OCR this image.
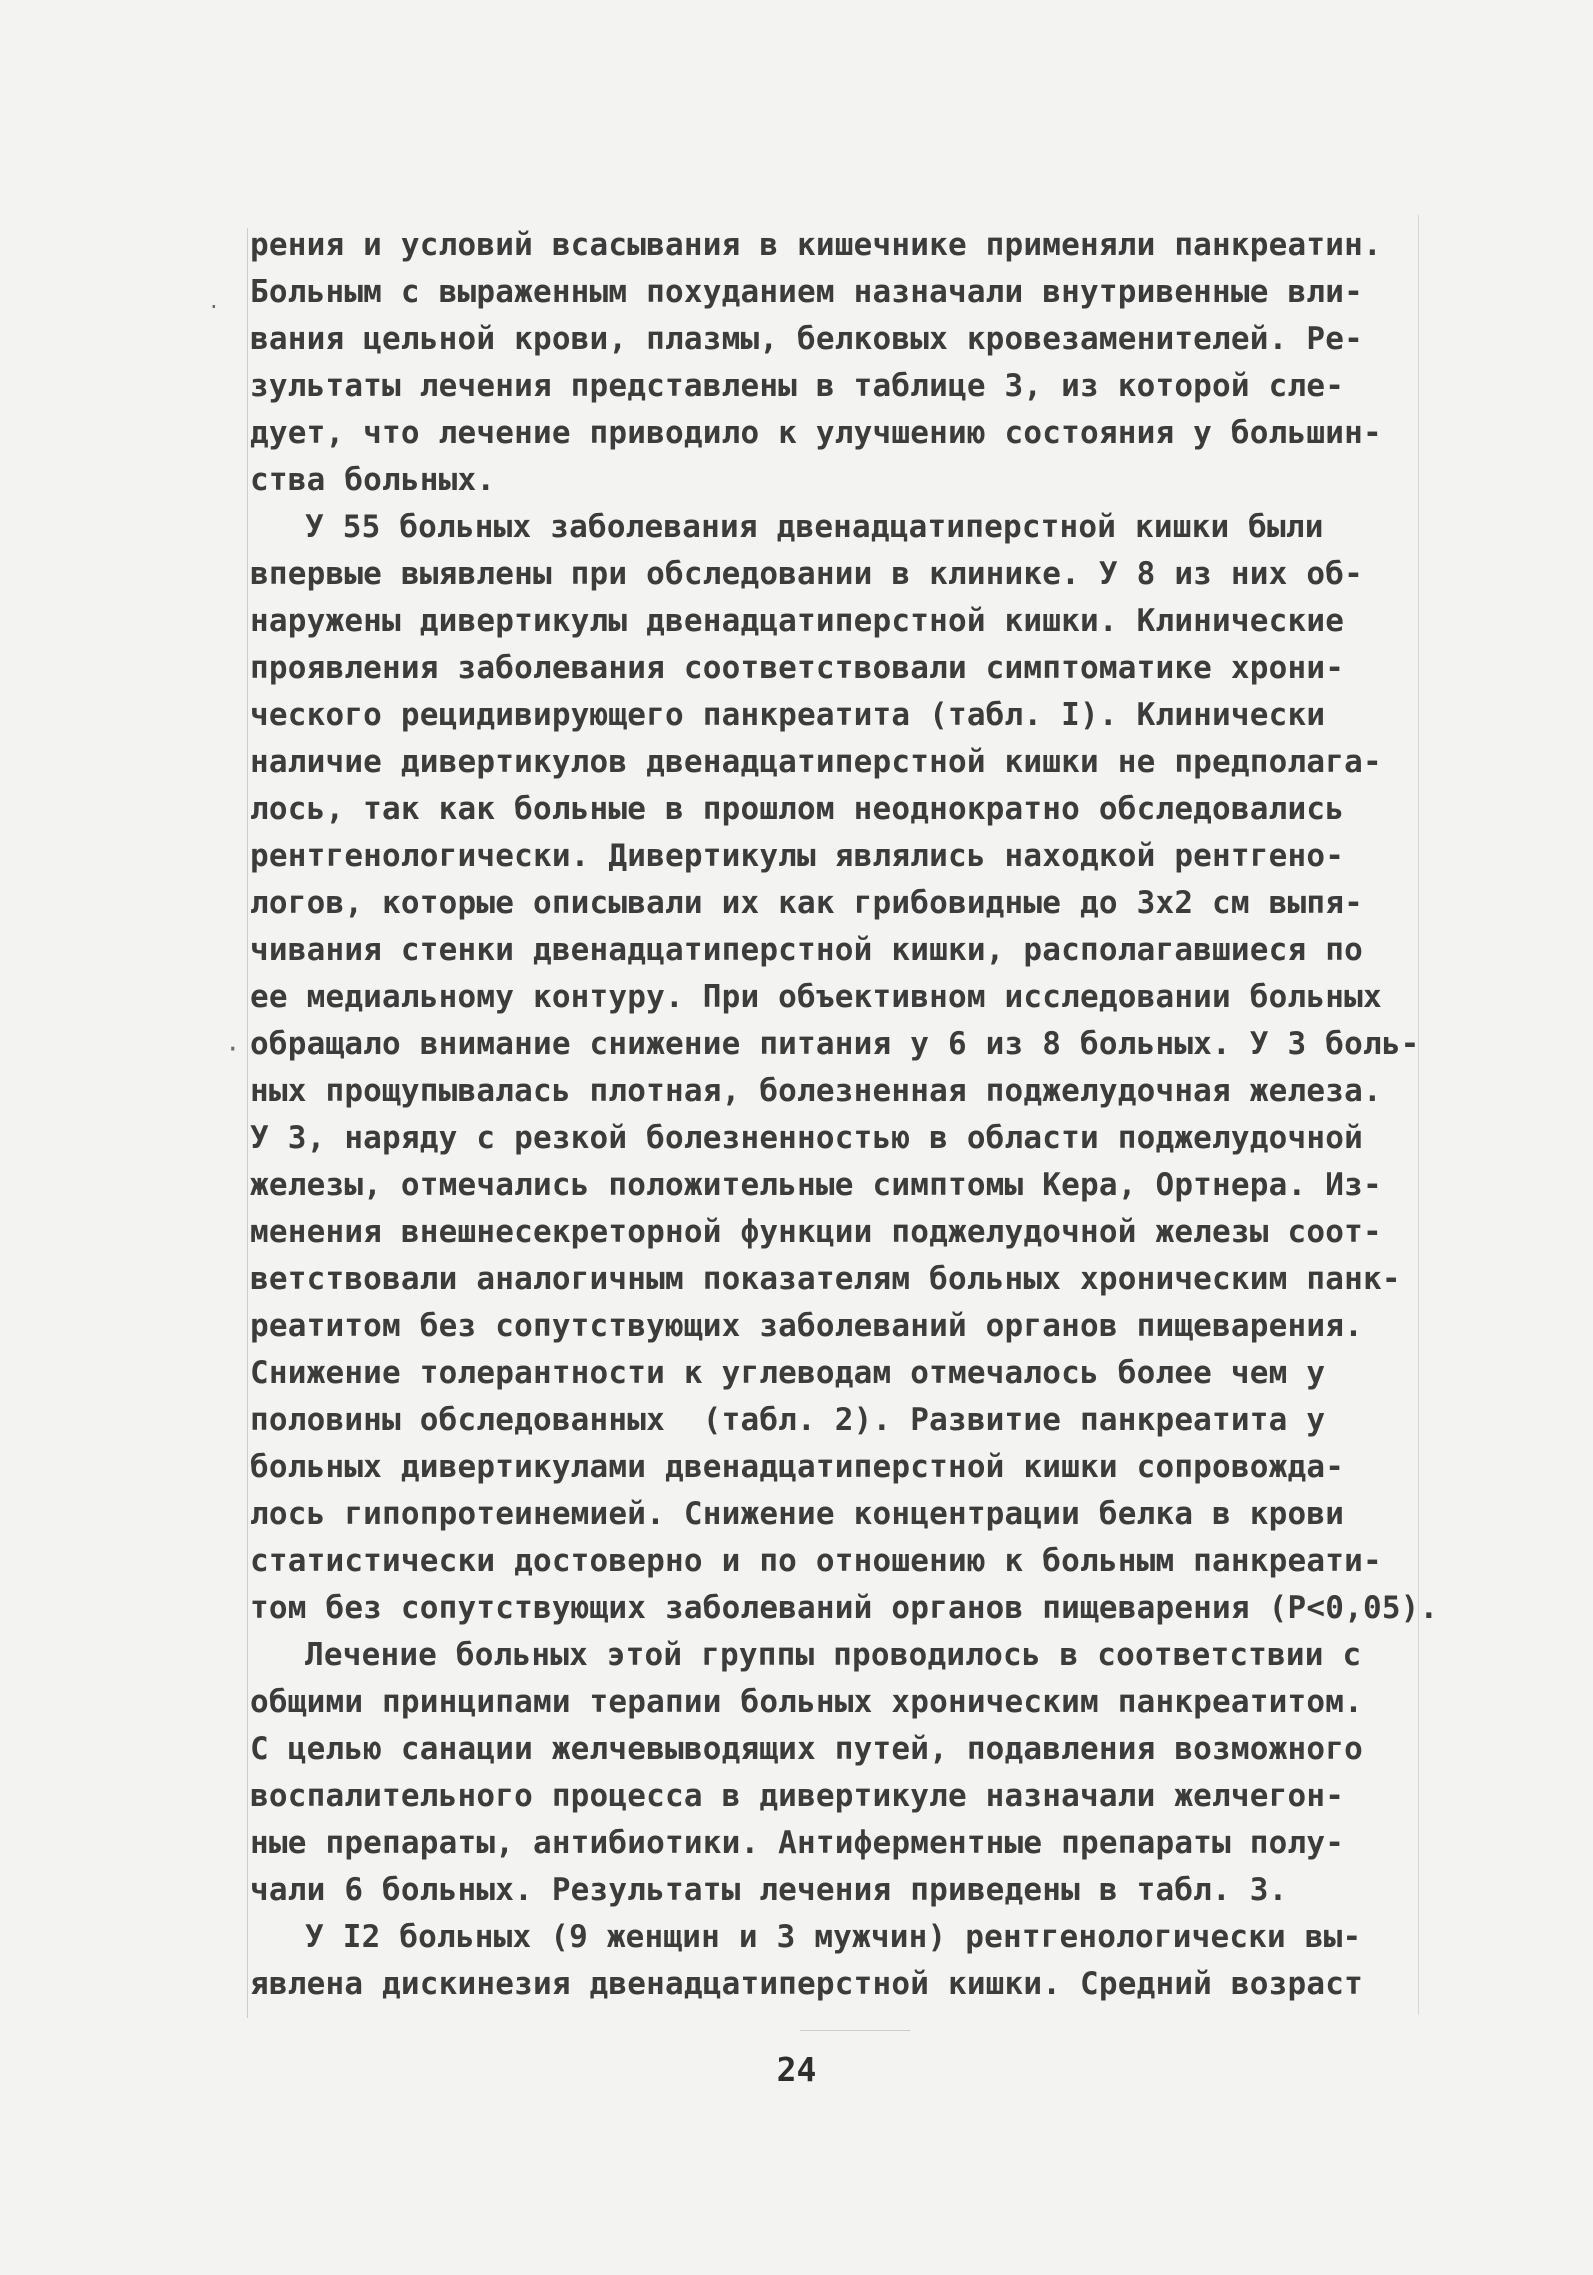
·
·
рения и условий всасывания в кишечнике применяли панкреатин.
Больным с выраженным похуданием назначали внутривенные вли-
вания цельной крови, плазмы, белковых кровезаменителей. Ре-
зультаты лечения представлены в таблице 3, из которой сле-
дует, что лечение приводило к улучшению состояния у большин-
ства больных.
У 55 больных заболевания двенадцатиперстной кишки были
впервые выявлены при обследовании в клинике. У 8 из них об-
наружены дивертикулы двенадцатиперстной кишки. Клинические
проявления заболевания соответствовали симптоматике хрони-
ческого рецидивирующего панкреатита (табл. I). Клинически
наличие дивертикулов двенадцатиперстной кишки не предполага-
лось, так как больные в прошлом неоднократно обследовались
рентгенологически. Дивертикулы являлись находкой рентгено-
логов, которые описывали их как грибовидные до 3х2 см выпя-
чивания стенки двенадцатиперстной кишки, располагавшиеся по
ее медиальному контуру. При объективном исследовании больных
обращало внимание снижение питания у 6 из 8 больных. У 3 боль-
ных прощупывалась плотная, болезненная поджелудочная железа.
У 3, наряду с резкой болезненностью в области поджелудочной
железы, отмечались положительные симптомы Кера, Ортнера. Из-
менения внешнесекреторной функции поджелудочной железы соот-
ветствовали аналогичным показателям больных хроническим панк-
реатитом без сопутствующих заболеваний органов пищеварения.
Снижение толерантности к углеводам отмечалось более чем у
половины обследованных  (табл. 2). Развитие панкреатита у
больных дивертикулами двенадцатиперстной кишки сопровожда-
лось гипопротеинемией. Снижение концентрации белка в крови
статистически достоверно и по отношению к больным панкреати-
том без сопутствующих заболеваний органов пищеварения (Р<0,05).
Лечение больных этой группы проводилось в соответствии с
общими принципами терапии больных хроническим панкреатитом.
С целью санации желчевыводящих путей, подавления возможного
воспалительного процесса в дивертикуле назначали желчегон-
ные препараты, антибиотики. Антиферментные препараты полу-
чали 6 больных. Результаты лечения приведены в табл. 3.
У I2 больных (9 женщин и 3 мужчин) рентгенологически вы-
явлена дискинезия двенадцатиперстной кишки. Средний возраст
24
